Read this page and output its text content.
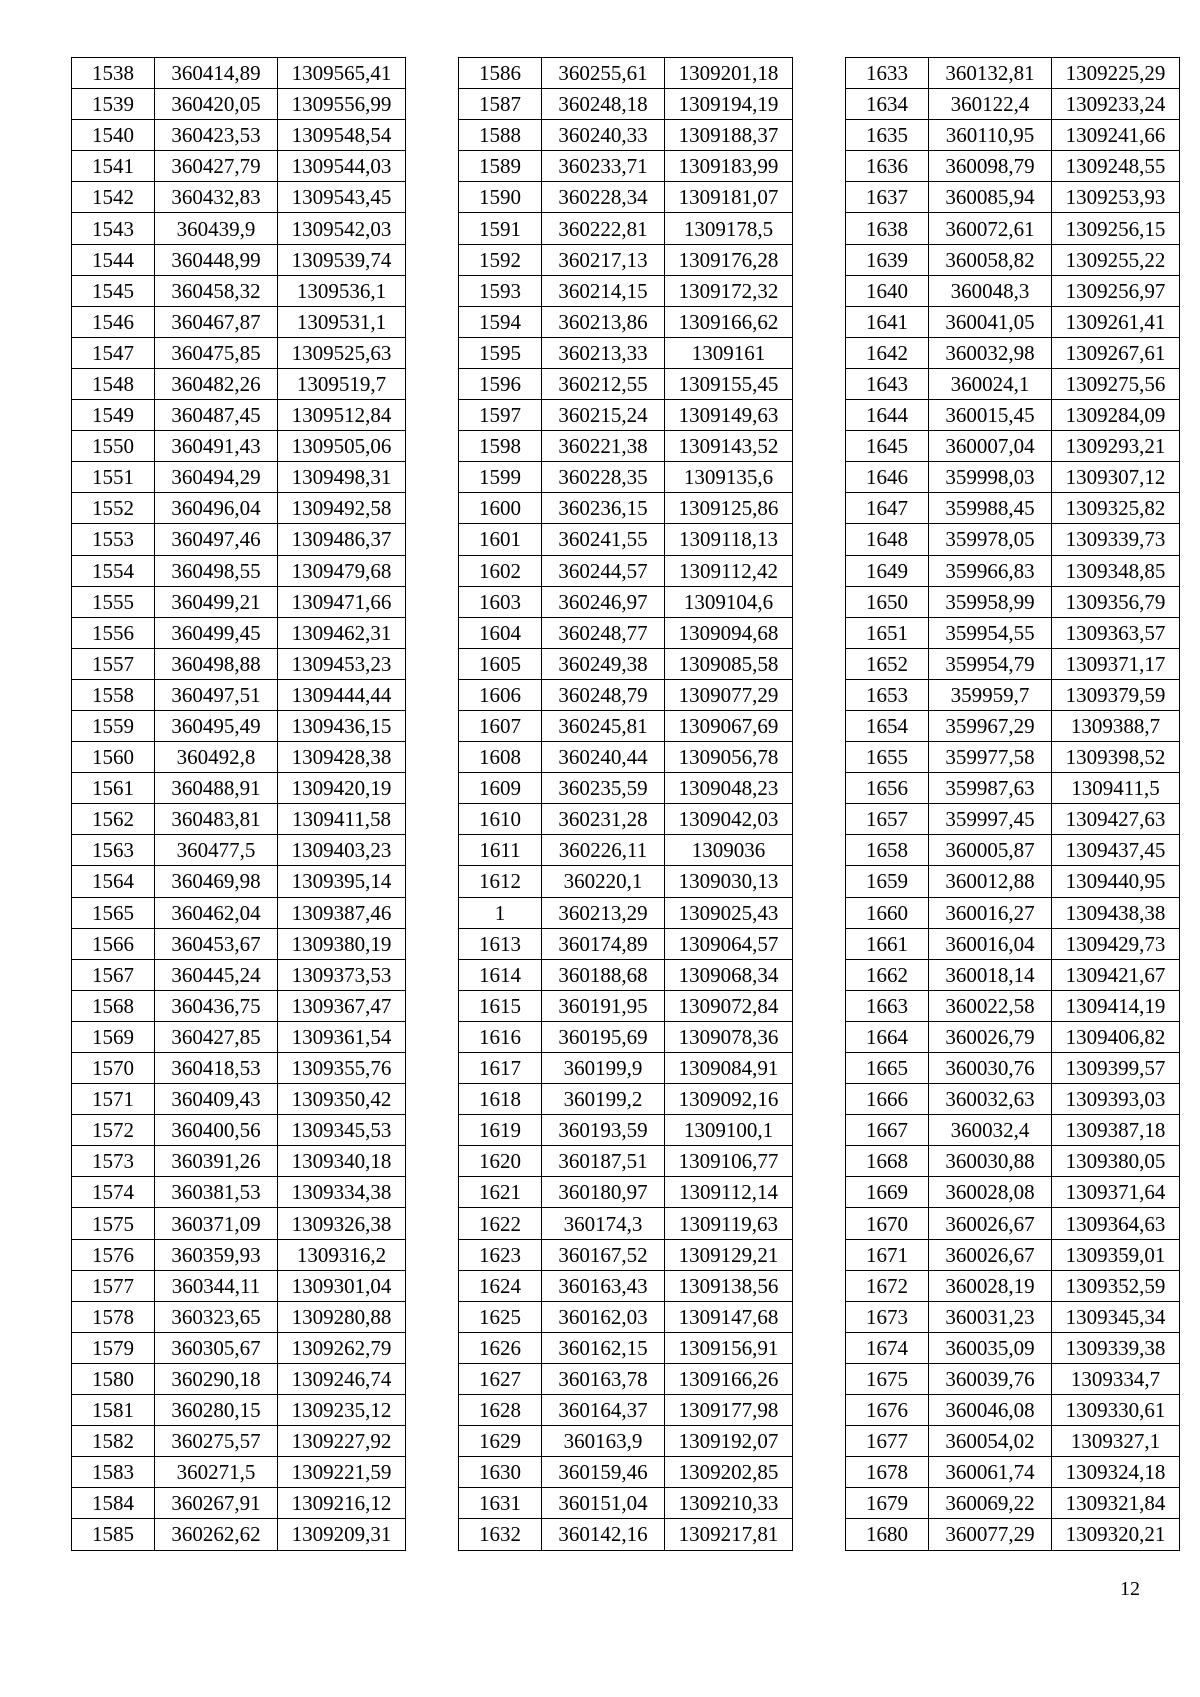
1538	360414,89	1309565,41
1539	360420,05	1309556,99
1540	360423,53	1309548,54
1541	360427,79	1309544,03
1542	360432,83	1309543,45
1543	360439,9	1309542,03
1544	360448,99	1309539,74
1545	360458,32	1309536,1
1546	360467,87	1309531,1
1547	360475,85	1309525,63
1548	360482,26	1309519,7
1549	360487,45	1309512,84
1550	360491,43	1309505,06
1551	360494,29	1309498,31
1552	360496,04	1309492,58
1553	360497,46	1309486,37
1554	360498,55	1309479,68
1555	360499,21	1309471,66
1556	360499,45	1309462,31
1557	360498,88	1309453,23
1558	360497,51	1309444,44
1559	360495,49	1309436,15
1560	360492,8	1309428,38
1561	360488,91	1309420,19
1562	360483,81	1309411,58
1563	360477,5	1309403,23
1564	360469,98	1309395,14
1565	360462,04	1309387,46
1566	360453,67	1309380,19
1567	360445,24	1309373,53
1568	360436,75	1309367,47
1569	360427,85	1309361,54
1570	360418,53	1309355,76
1571	360409,43	1309350,42
1572	360400,56	1309345,53
1573	360391,26	1309340,18
1574	360381,53	1309334,38
1575	360371,09	1309326,38
1576	360359,93	1309316,2
1577	360344,11	1309301,04
1578	360323,65	1309280,88
1579	360305,67	1309262,79
1580	360290,18	1309246,74
1581	360280,15	1309235,12
1582	360275,57	1309227,92
1583	360271,5	1309221,59
1584	360267,91	1309216,12
1585	360262,62	1309209,31
1586	360255,61	1309201,18
1587	360248,18	1309194,19
1588	360240,33	1309188,37
1589	360233,71	1309183,99
1590	360228,34	1309181,07
1591	360222,81	1309178,5
1592	360217,13	1309176,28
1593	360214,15	1309172,32
1594	360213,86	1309166,62
1595	360213,33	1309161
1596	360212,55	1309155,45
1597	360215,24	1309149,63
1598	360221,38	1309143,52
1599	360228,35	1309135,6
1600	360236,15	1309125,86
1601	360241,55	1309118,13
1602	360244,57	1309112,42
1603	360246,97	1309104,6
1604	360248,77	1309094,68
1605	360249,38	1309085,58
1606	360248,79	1309077,29
1607	360245,81	1309067,69
1608	360240,44	1309056,78
1609	360235,59	1309048,23
1610	360231,28	1309042,03
1611	360226,11	1309036
1612	360220,1	1309030,13
1	360213,29	1309025,43
1613	360174,89	1309064,57
1614	360188,68	1309068,34
1615	360191,95	1309072,84
1616	360195,69	1309078,36
1617	360199,9	1309084,91
1618	360199,2	1309092,16
1619	360193,59	1309100,1
1620	360187,51	1309106,77
1621	360180,97	1309112,14
1622	360174,3	1309119,63
1623	360167,52	1309129,21
1624	360163,43	1309138,56
1625	360162,03	1309147,68
1626	360162,15	1309156,91
1627	360163,78	1309166,26
1628	360164,37	1309177,98
1629	360163,9	1309192,07
1630	360159,46	1309202,85
1631	360151,04	1309210,33
1632	360142,16	1309217,81
1633	360132,81	1309225,29
1634	360122,4	1309233,24
1635	360110,95	1309241,66
1636	360098,79	1309248,55
1637	360085,94	1309253,93
1638	360072,61	1309256,15
1639	360058,82	1309255,22
1640	360048,3	1309256,97
1641	360041,05	1309261,41
1642	360032,98	1309267,61
1643	360024,1	1309275,56
1644	360015,45	1309284,09
1645	360007,04	1309293,21
1646	359998,03	1309307,12
1647	359988,45	1309325,82
1648	359978,05	1309339,73
1649	359966,83	1309348,85
1650	359958,99	1309356,79
1651	359954,55	1309363,57
1652	359954,79	1309371,17
1653	359959,7	1309379,59
1654	359967,29	1309388,7
1655	359977,58	1309398,52
1656	359987,63	1309411,5
1657	359997,45	1309427,63
1658	360005,87	1309437,45
1659	360012,88	1309440,95
1660	360016,27	1309438,38
1661	360016,04	1309429,73
1662	360018,14	1309421,67
1663	360022,58	1309414,19
1664	360026,79	1309406,82
1665	360030,76	1309399,57
1666	360032,63	1309393,03
1667	360032,4	1309387,18
1668	360030,88	1309380,05
1669	360028,08	1309371,64
1670	360026,67	1309364,63
1671	360026,67	1309359,01
1672	360028,19	1309352,59
1673	360031,23	1309345,34
1674	360035,09	1309339,38
1675	360039,76	1309334,7
1676	360046,08	1309330,61
1677	360054,02	1309327,1
1678	360061,74	1309324,18
1679	360069,22	1309321,84
1680	360077,29	1309320,21
12
